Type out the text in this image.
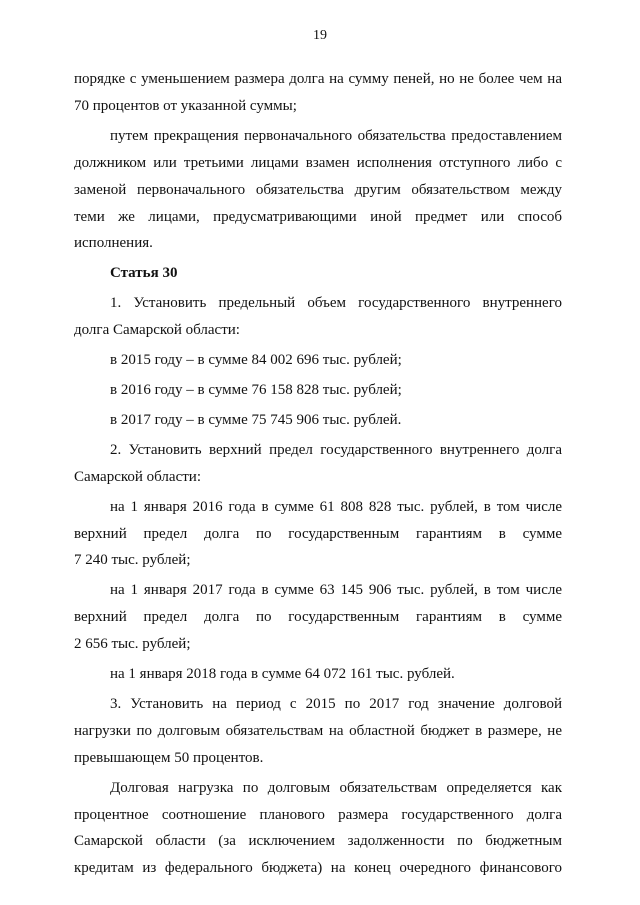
19
порядке с уменьшением размера долга на сумму пеней, но не более чем на
70 процентов от указанной суммы;
путем прекращения первоначального обязательства предоставлением
должником или третьими лицами взамен исполнения отступного либо с
заменой первоначального обязательства другим обязательством между
теми же лицами, предусматривающими иной предмет или способ
исполнения.
Статья 30
1. Установить предельный объем государственного внутреннего
долга Самарской области:
в 2015 году – в сумме 84 002 696 тыс. рублей;
в 2016 году – в сумме 76 158 828 тыс. рублей;
в 2017 году – в сумме 75 745 906 тыс. рублей.
2. Установить верхний предел государственного внутреннего долга
Самарской области:
на 1 января 2016 года в сумме 61 808 828 тыс. рублей, в том числе
верхний предел долга по государственным гарантиям в сумме
7 240 тыс. рублей;
на 1 января 2017 года в сумме 63 145 906 тыс. рублей, в том числе
верхний предел долга по государственным гарантиям в сумме
2 656 тыс. рублей;
на 1 января 2018 года в сумме 64 072 161 тыс. рублей.
3. Установить на период с 2015 по 2017 год значение долговой
нагрузки по долговым обязательствам на областной бюджет в размере, не
превышающем 50 процентов.
Долговая нагрузка по долговым обязательствам определяется как
процентное соотношение планового размера государственного долга
Самарской области (за исключением задолженности по бюджетным
кредитам из федерального бюджета) на конец очередного финансового
